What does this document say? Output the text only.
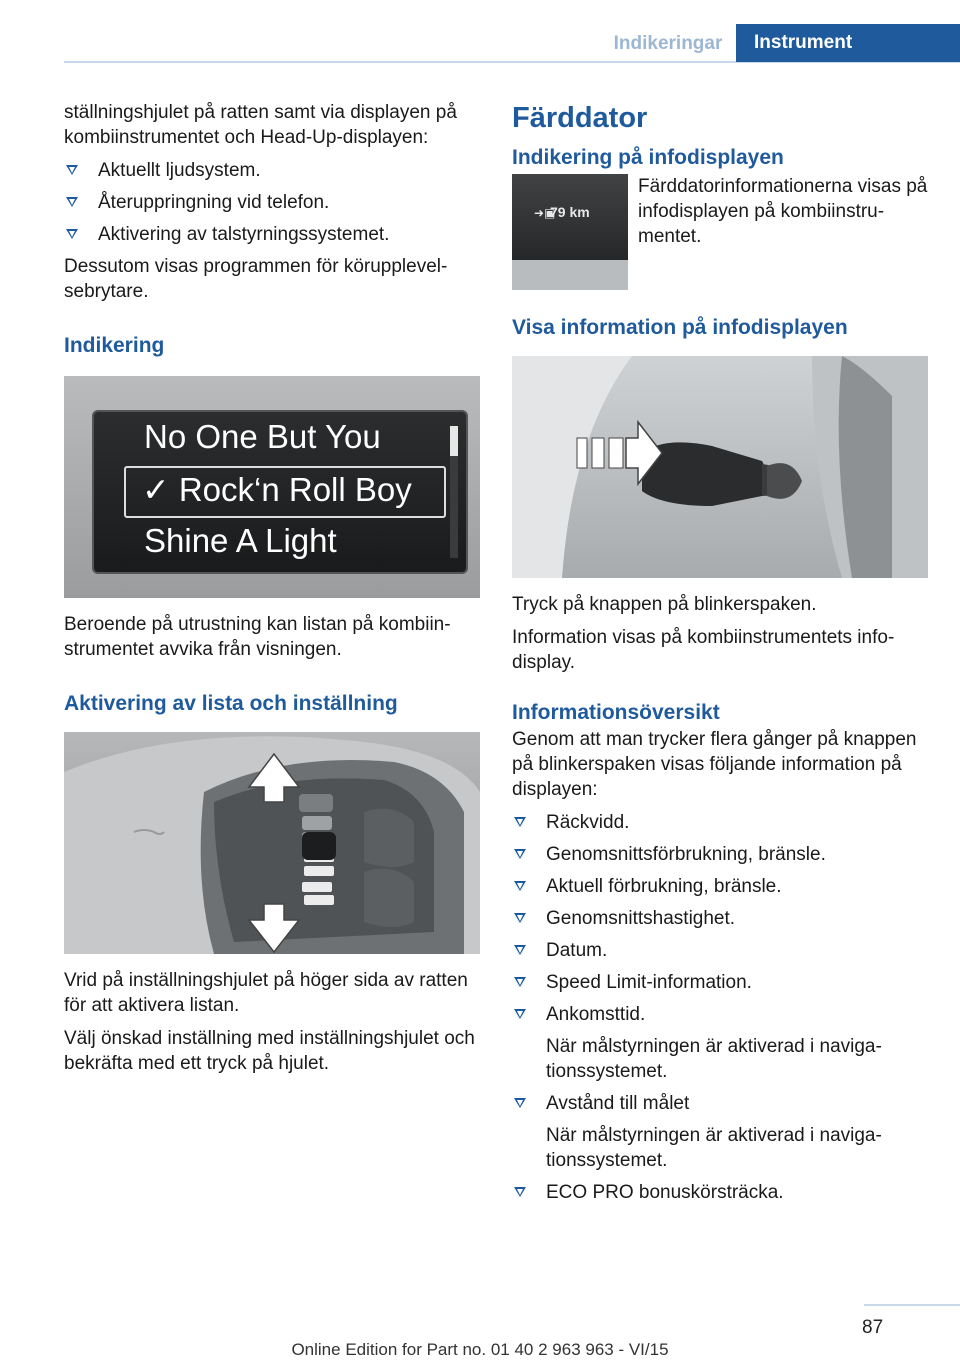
Indikeringar	Instrument

ställningshjulet på ratten samt via displayen på kombiinstrumentet och Head-Up-displayen:

Aktuellt ljudsystem.
Återuppringning vid telefon.
Aktivering av talstyrningssystemet.

Dessutom visas programmen för körupplevelsebrytare.

Indikering
No One But You
✓ Rock‘n Roll Boy
Shine A Light

Beroende på utrustning kan listan på kombiinstrumentet avvika från visningen.

Aktivering av lista och inställning

Vrid på inställningshjulet på höger sida av ratten för att aktivera listan.

Välj önskad inställning med inställningshjulet och bekräfta med ett tryck på hjulet.

Färddator
Indikering på infodisplayen
➜▣
79 km

Färddatorinformationerna visas på infodisplayen på kombiinstrumentet.

Visa information på infodisplayen

Tryck på knappen på blinkerspaken.

Information visas på kombiinstrumentets infodisplay.

Informationsöversikt

Genom att man trycker flera gånger på knappen på blinkerspaken visas följande information på displayen:

Räckvidd.
Genomsnittsförbrukning, bränsle.
Aktuell förbrukning, bränsle.
Genomsnittshastighet.
Datum.
Speed Limit-information.
Ankomsttid.
När målstyrningen är aktiverad i navigationssystemet.
Avstånd till målet
När målstyrningen är aktiverad i navigationssystemet.
ECO PRO bonuskörsträcka.
87
Online Edition for Part no. 01 40 2 963 963 - VI/15
